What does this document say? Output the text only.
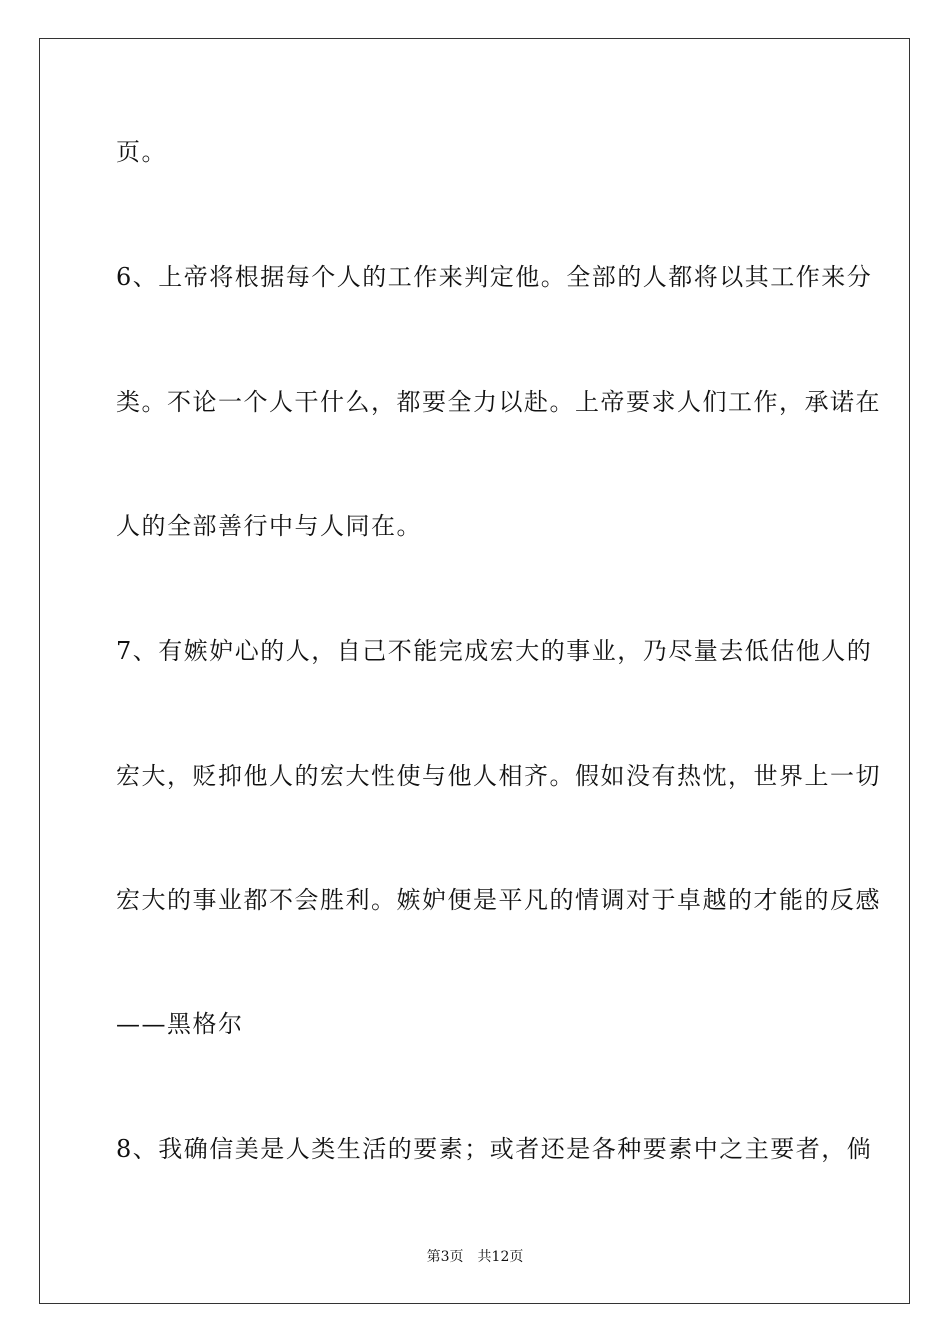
页。
6、上帝将根据每个人的工作来判定他。全部的人都将以其工作来分
类。不论一个人干什么，都要全力以赴。上帝要求人们工作，承诺在
人的全部善行中与人同在。
7、有嫉妒心的人，自己不能完成宏大的事业，乃尽量去低估他人的
宏大，贬抑他人的宏大性使与他人相齐。假如没有热忱，世界上一切
宏大的事业都不会胜利。嫉妒便是平凡的情调对于卓越的才能的反感
——黑格尔
8、我确信美是人类生活的要素；或者还是各种要素中之主要者，倘
第3页 共12页
